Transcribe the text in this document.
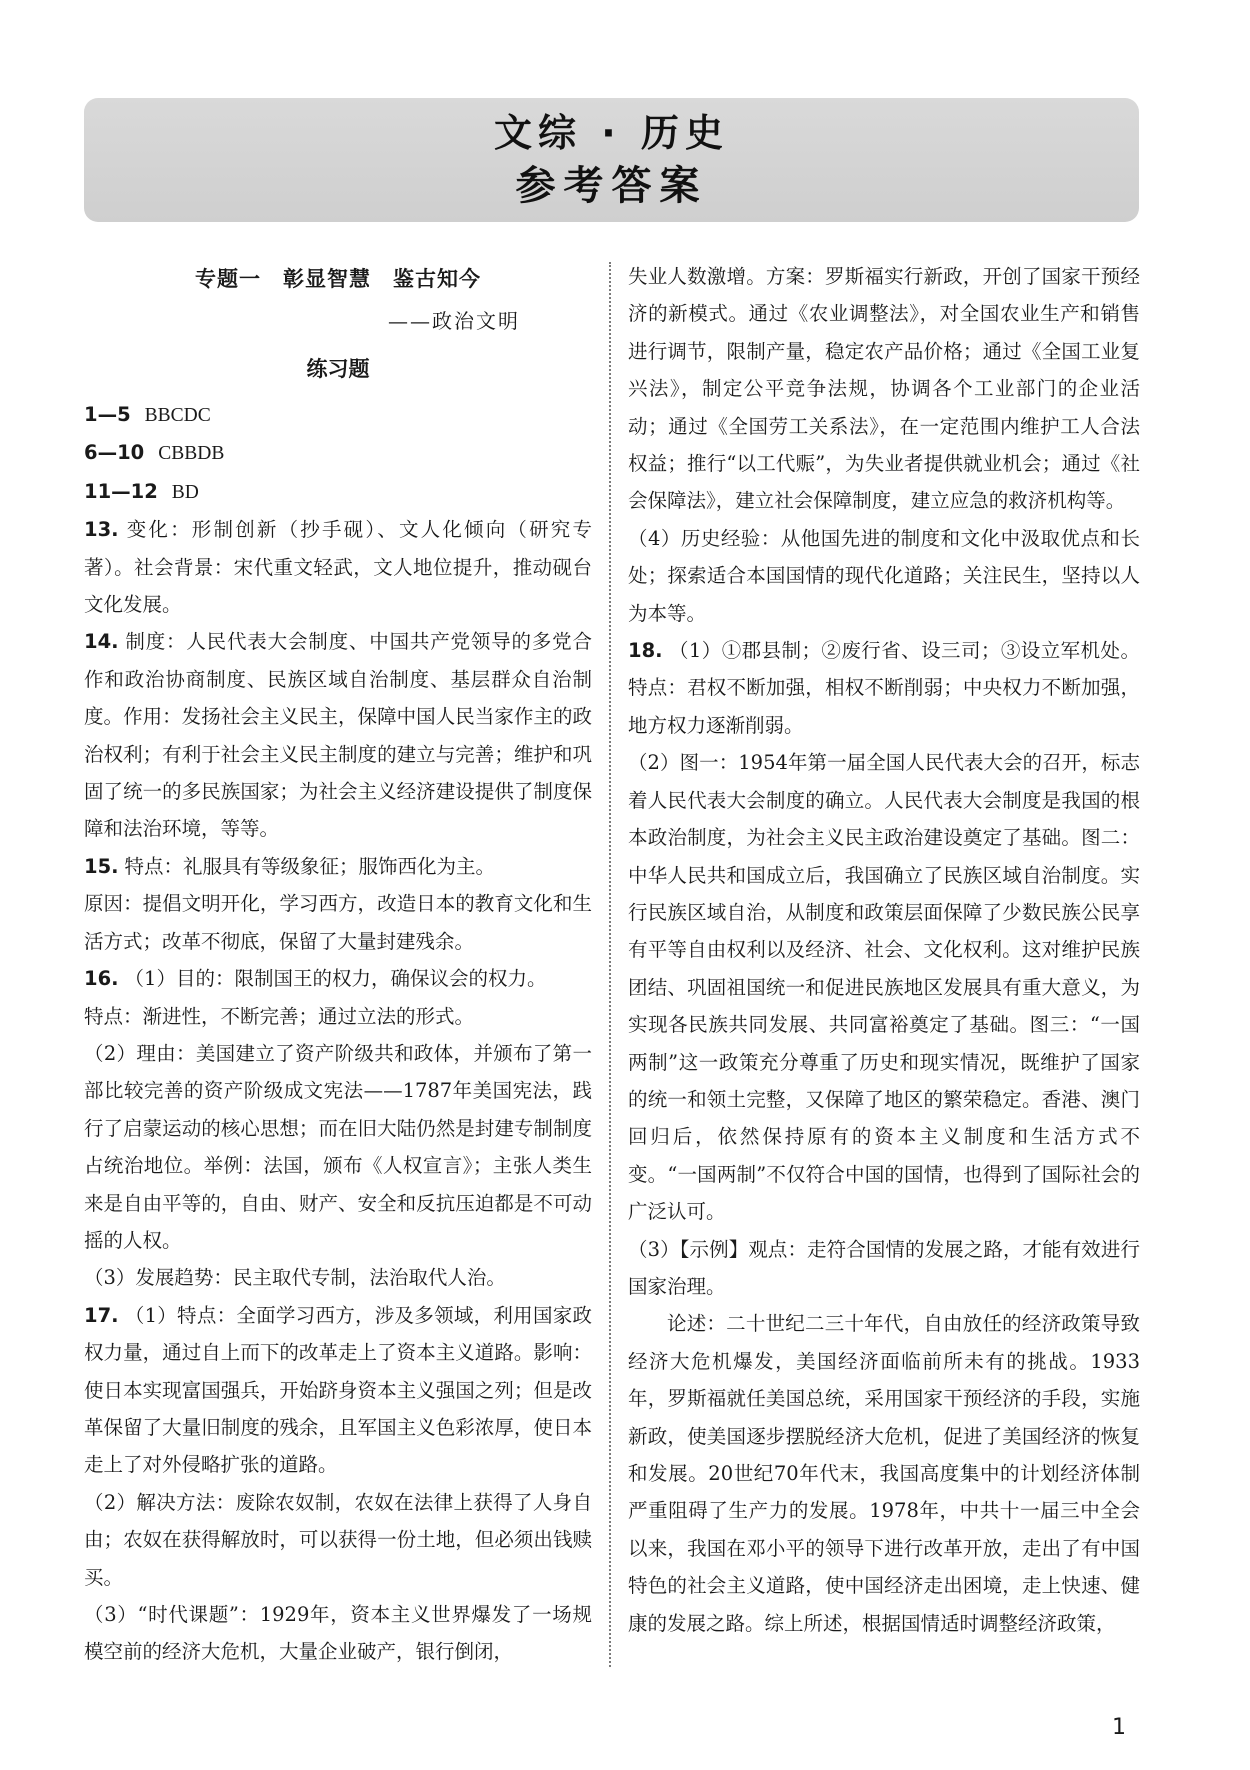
文综 · 历史
参考答案
专题一　彰显智慧　鉴古知今
——政治文明
练习题

1—5 BBCDC

6—10 CBBDB

11—12 BD

13. 变化：形制创新（抄手砚）、文人化倾向（研究专著）。社会背景：宋代重文轻武，文人地位提升，推动砚台文化发展。

14. 制度：人民代表大会制度、中国共产党领导的多党合作和政治协商制度、民族区域自治制度、基层群众自治制度。作用：发扬社会主义民主，保障中国人民当家作主的政治权利；有利于社会主义民主制度的建立与完善；维护和巩固了统一的多民族国家；为社会主义经济建设提供了制度保障和法治环境，等等。

15. 特点：礼服具有等级象征；服饰西化为主。

原因：提倡文明开化，学习西方，改造日本的教育文化和生活方式；改革不彻底，保留了大量封建残余。

16. （1）目的：限制国王的权力，确保议会的权力。

特点：渐进性，不断完善；通过立法的形式。

（2）理由：美国建立了资产阶级共和政体，并颁布了第一部比较完善的资产阶级成文宪法——1787年美国宪法，践行了启蒙运动的核心思想；而在旧大陆仍然是封建专制制度占统治地位。举例：法国，颁布《人权宣言》；主张人类生来是自由平等的，自由、财产、安全和反抗压迫都是不可动摇的人权。

（3）发展趋势：民主取代专制，法治取代人治。

17. （1）特点：全面学习西方，涉及多领域，利用国家政权力量，通过自上而下的改革走上了资本主义道路。影响：使日本实现富国强兵，开始跻身资本主义强国之列；但是改革保留了大量旧制度的残余，且军国主义色彩浓厚，使日本走上了对外侵略扩张的道路。

（2）解决方法：废除农奴制，农奴在法律上获得了人身自由；农奴在获得解放时，可以获得一份土地，但必须出钱赎买。

（3）“时代课题”：1929年，资本主义世界爆发了一场规模空前的经济大危机，大量企业破产，银行倒闭，

失业人数激增。方案：罗斯福实行新政，开创了国家干预经济的新模式。通过《农业调整法》，对全国农业生产和销售进行调节，限制产量，稳定农产品价格；通过《全国工业复兴法》，制定公平竞争法规，协调各个工业部门的企业活动；通过《全国劳工关系法》，在一定范围内维护工人合法权益；推行“以工代赈”，为失业者提供就业机会；通过《社会保障法》，建立社会保障制度，建立应急的救济机构等。

（4）历史经验：从他国先进的制度和文化中汲取优点和长处；探索适合本国国情的现代化道路；关注民生，坚持以人为本等。

18. （1）①郡县制；②废行省、设三司；③设立军机处。特点：君权不断加强，相权不断削弱；中央权力不断加强，地方权力逐渐削弱。

（2）图一：1954年第一届全国人民代表大会的召开，标志着人民代表大会制度的确立。人民代表大会制度是我国的根本政治制度，为社会主义民主政治建设奠定了基础。图二：中华人民共和国成立后，我国确立了民族区域自治制度。实行民族区域自治，从制度和政策层面保障了少数民族公民享有平等自由权利以及经济、社会、文化权利。这对维护民族团结、巩固祖国统一和促进民族地区发展具有重大意义，为实现各民族共同发展、共同富裕奠定了基础。图三：“一国两制”这一政策充分尊重了历史和现实情况，既维护了国家的统一和领土完整，又保障了地区的繁荣稳定。香港、澳门回归后，依然保持原有的资本主义制度和生活方式不变。“一国两制”不仅符合中国的国情，也得到了国际社会的广泛认可。

（3）【示例】观点：走符合国情的发展之路，才能有效进行国家治理。

论述：二十世纪二三十年代，自由放任的经济政策导致经济大危机爆发，美国经济面临前所未有的挑战。1933年，罗斯福就任美国总统，采用国家干预经济的手段，实施新政，使美国逐步摆脱经济大危机，促进了美国经济的恢复和发展。20世纪70年代末，我国高度集中的计划经济体制严重阻碍了生产力的发展。1978年，中共十一届三中全会以来，我国在邓小平的领导下进行改革开放，走出了有中国特色的社会主义道路，使中国经济走出困境，走上快速、健康的发展之路。综上所述，根据国情适时调整经济政策，

1
